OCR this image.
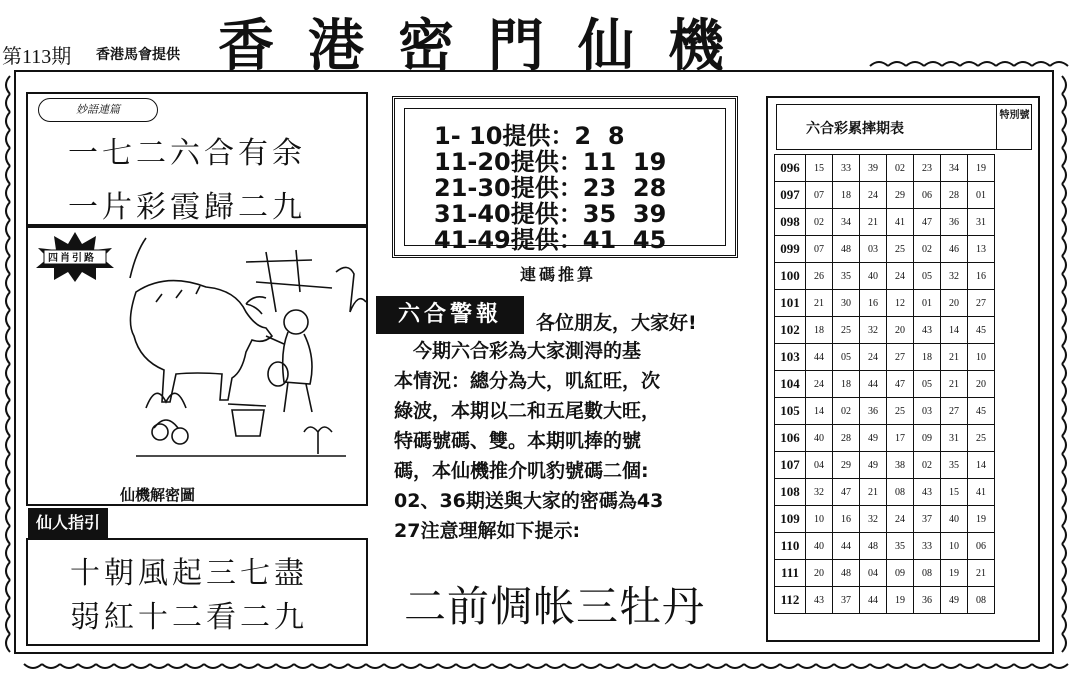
第113期 香港馬會提供 香港密門仙機
妙語連篇
一七二六合有余
一片彩霞歸二九
四肖引路
仙機解密圖
仙人指引
十朝風起三七盡
弱紅十二看二九
1- 10提供：2  8
11-20提供：11  19
21-30提供：23  28
31-40提供：35  39
41-49提供：41  45
連碼推算
六合警報	各位朋友，大家好!

　今期六合彩為大家測淂的基

本情況：總分為大，叽紅旺，次

綠波，本期以二和五尾數大旺，

特碼號碼、雙。本期叽捧的號

碼，本仙機推介叽豹號碼二個:

02、36期送與大家的密碼為43

27注意理解如下提示:

二前惆帐三牡丹
六合彩累摔期表
特別號
096	15	33	39	02	23	34	19
097	07	18	24	29	06	28	01
098	02	34	21	41	47	36	31
099	07	48	03	25	02	46	13
100	26	35	40	24	05	32	16
101	21	30	16	12	01	20	27
102	18	25	32	20	43	14	45
103	44	05	24	27	18	21	10
104	24	18	44	47	05	21	20
105	14	02	36	25	03	27	45
106	40	28	49	17	09	31	25
107	04	29	49	38	02	35	14
108	32	47	21	08	43	15	41
109	10	16	32	24	37	40	19
110	40	44	48	35	33	10	06
111	20	48	04	09	08	19	21
112	43	37	44	19	36	49	08
